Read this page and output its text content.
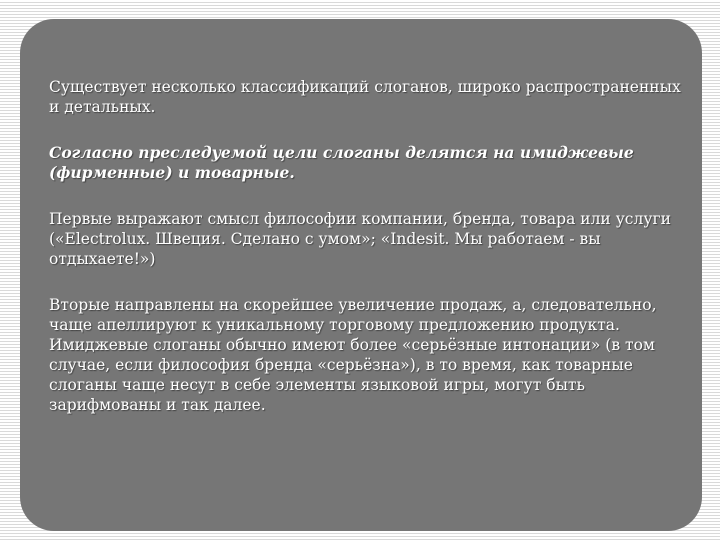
Существует несколько классификаций слоганов, широко распространенных и детальных.

Согласно преследуемой цели слоганы делятся на имиджевые (фирменные) и товарные.

Первые выражают смысл философии компании, бренда, товара или услуги («Electrolux. Швеция. Сделано с умом»; «Indesit. Мы работаем - вы отдыхаете!»)

Вторые направлены на скорейшее увеличение продаж, а, следовательно, чаще апеллируют к уникальному торговому предложению продукта. Имиджевые слоганы обычно имеют более «серьёзные интонации» (в том случае, если философия бренда «серьёзна»), в то время, как товарные слоганы чаще несут в себе элементы языковой игры, могут быть зарифмованы и так далее.
